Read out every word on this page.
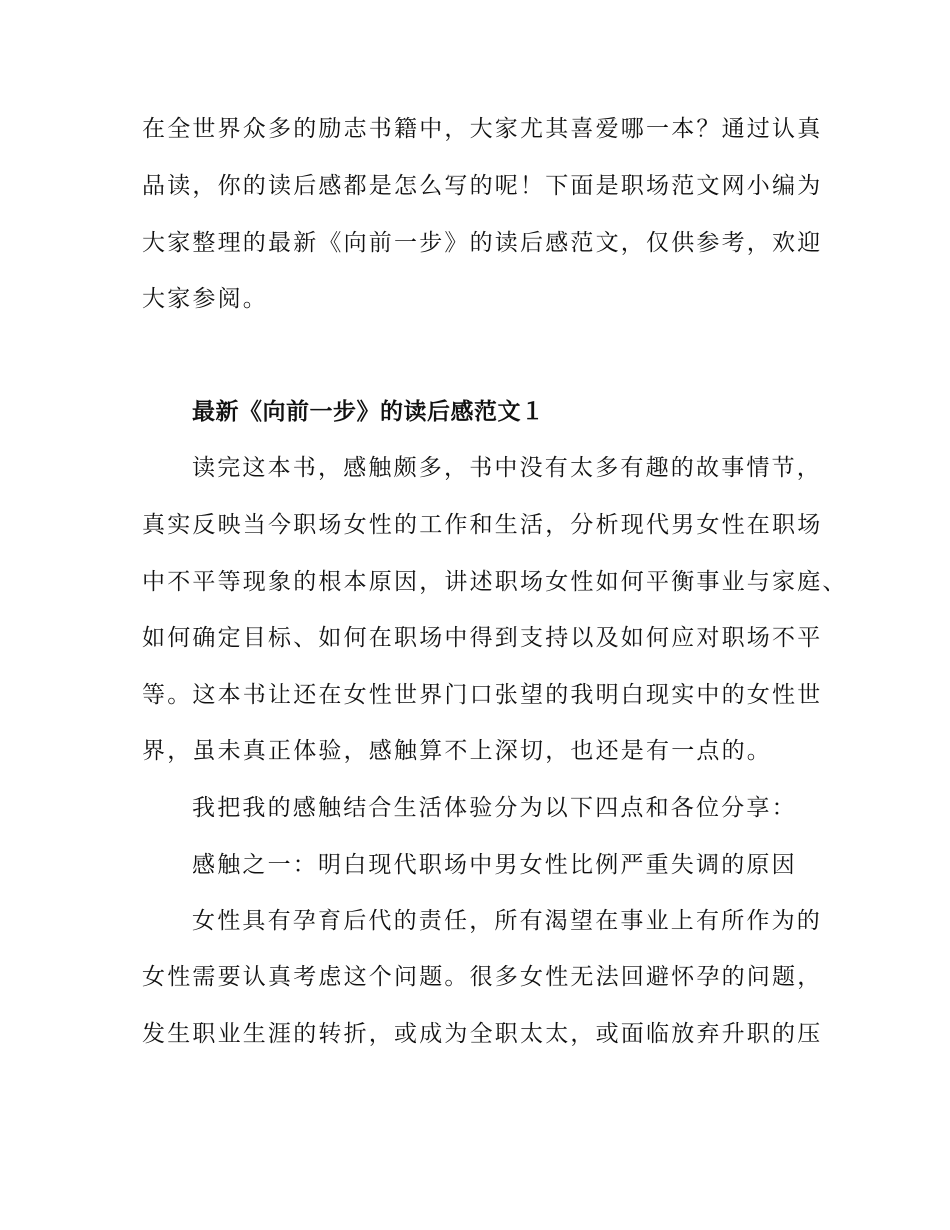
在全世界众多的励志书籍中，大家尤其喜爱哪一本？通过认真
品读，你的读后感都是怎么写的呢！下面是职场范文网小编为
大家整理的最新《向前一步》的读后感范文，仅供参考，欢迎
大家参阅。
最新《向前一步》的读后感范文１
读完这本书，感触颇多，书中没有太多有趣的故事情节，
真实反映当今职场女性的工作和生活，分析现代男女性在职场
中不平等现象的根本原因，讲述职场女性如何平衡事业与家庭、
如何确定目标、如何在职场中得到支持以及如何应对职场不平
等。这本书让还在女性世界门口张望的我明白现实中的女性世
界，虽未真正体验，感触算不上深切，也还是有一点的。
我把我的感触结合生活体验分为以下四点和各位分享：
感触之一：明白现代职场中男女性比例严重失调的原因
女性具有孕育后代的责任，所有渴望在事业上有所作为的
女性需要认真考虑这个问题。很多女性无法回避怀孕的问题，
发生职业生涯的转折，或成为全职太太，或面临放弃升职的压
